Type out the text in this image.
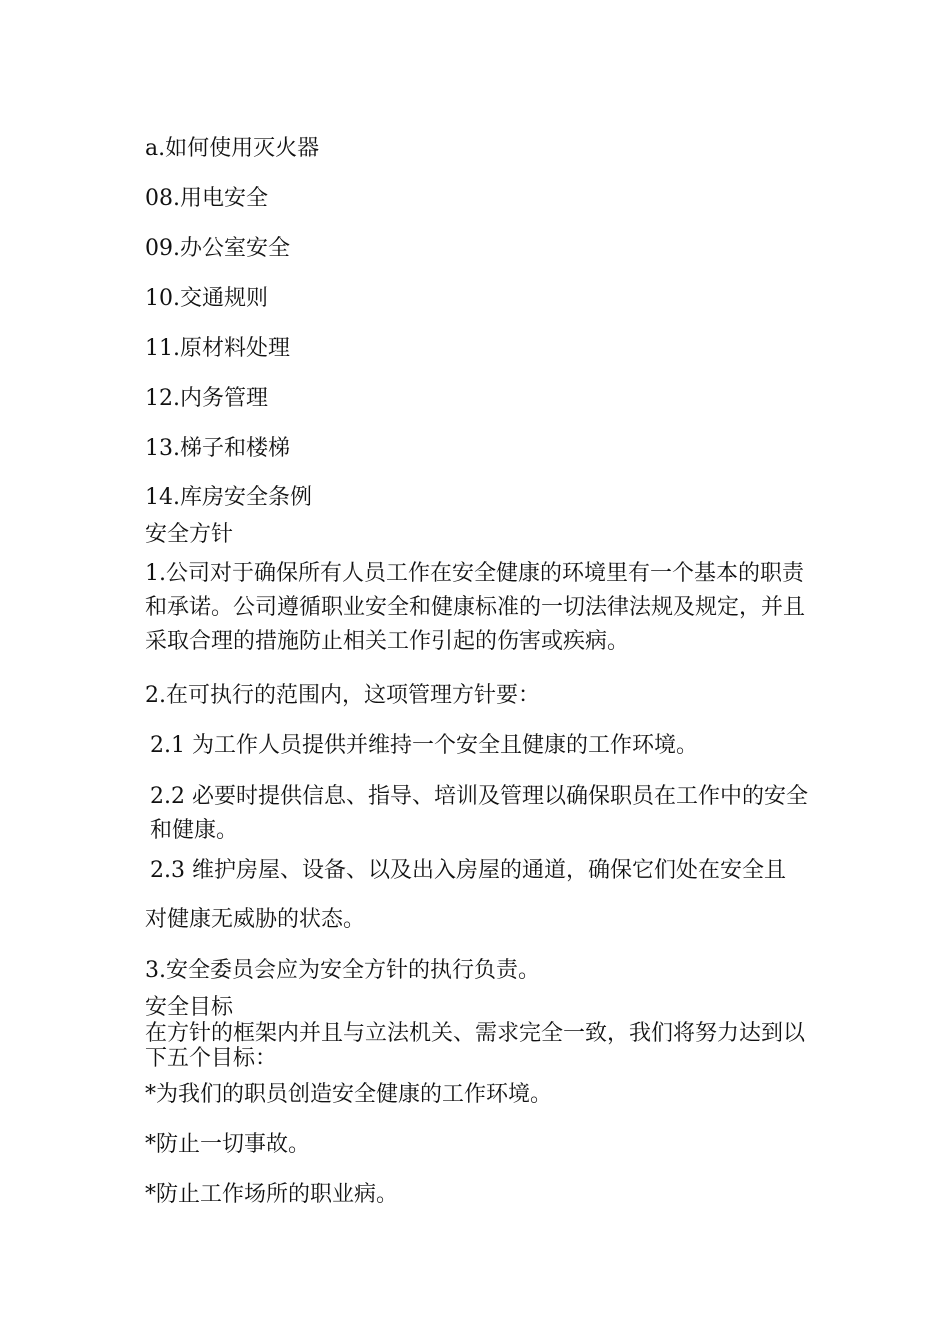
a.如何使用灭火器
08.用电安全
09.办公室安全
10.交通规则
11.原材料处理
12.内务管理
13.梯子和楼梯
14.库房安全条例
安全方针
1.公司对于确保所有人员工作在安全健康的环境里有一个基本的职责和承诺。公司遵循职业安全和健康标准的一切法律法规及规定，并且采取合理的措施防止相关工作引起的伤害或疾病。
2.在可执行的范围内，这项管理方针要：
2.1 为工作人员提供并维持一个安全且健康的工作环境。
2.2 必要时提供信息、指导、培训及管理以确保职员在工作中的安全和健康。
2.3 维护房屋、设备、以及出入房屋的通道，确保它们处在安全且
对健康无威胁的状态。
3.安全委员会应为安全方针的执行负责。
安全目标
在方针的框架内并且与立法机关、需求完全一致，我们将努力达到以下五个目标：
*为我们的职员创造安全健康的工作环境。
*防止一切事故。
*防止工作场所的职业病。
